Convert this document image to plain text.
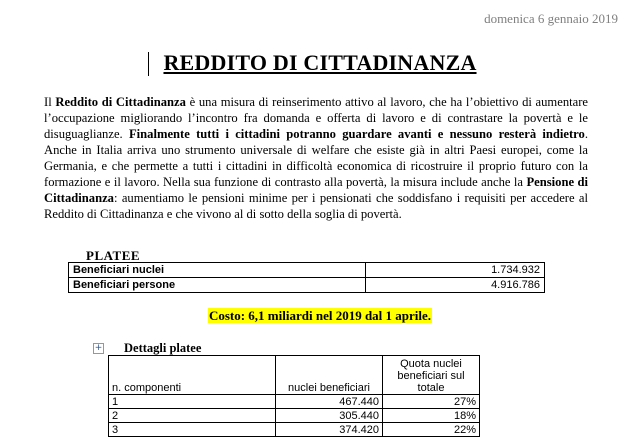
domenica 6 gennaio 2019
REDDITO DI CITTADINANZA
Il Reddito di Cittadinanza è una misura di reinserimento attivo al lavoro, che ha l’obiettivo di aumentare l’occupazione migliorando l’incontro fra domanda e offerta di lavoro e di contrastare la povertà e le disuguaglianze. Finalmente tutti i cittadini potranno guardare avanti e nessuno resterà indietro. Anche in Italia arriva uno strumento universale di welfare che esiste già in altri Paesi europei, come la Germania, e che permette a tutti i cittadini in difficoltà economica di ricostruire il proprio futuro con la formazione e il lavoro. Nella sua funzione di contrasto alla povertà, la misura include anche la Pensione di Cittadinanza: aumentiamo le pensioni minime per i pensionati che soddisfano i requisiti per accedere al Reddito di Cittadinanza e che vivono al di sotto della soglia di povertà.
PLATEE
Beneficiari nuclei	1.734.932
Beneficiari persone	4.916.786
Costo: 6,1 miliardi nel 2019 dal 1 aprile.
+ Dettagli platee
n. componenti	nuclei beneficiari	Quota nuclei beneficiari sul totale
1	467.440	27%
2	305.440	18%
3	374.420	22%
